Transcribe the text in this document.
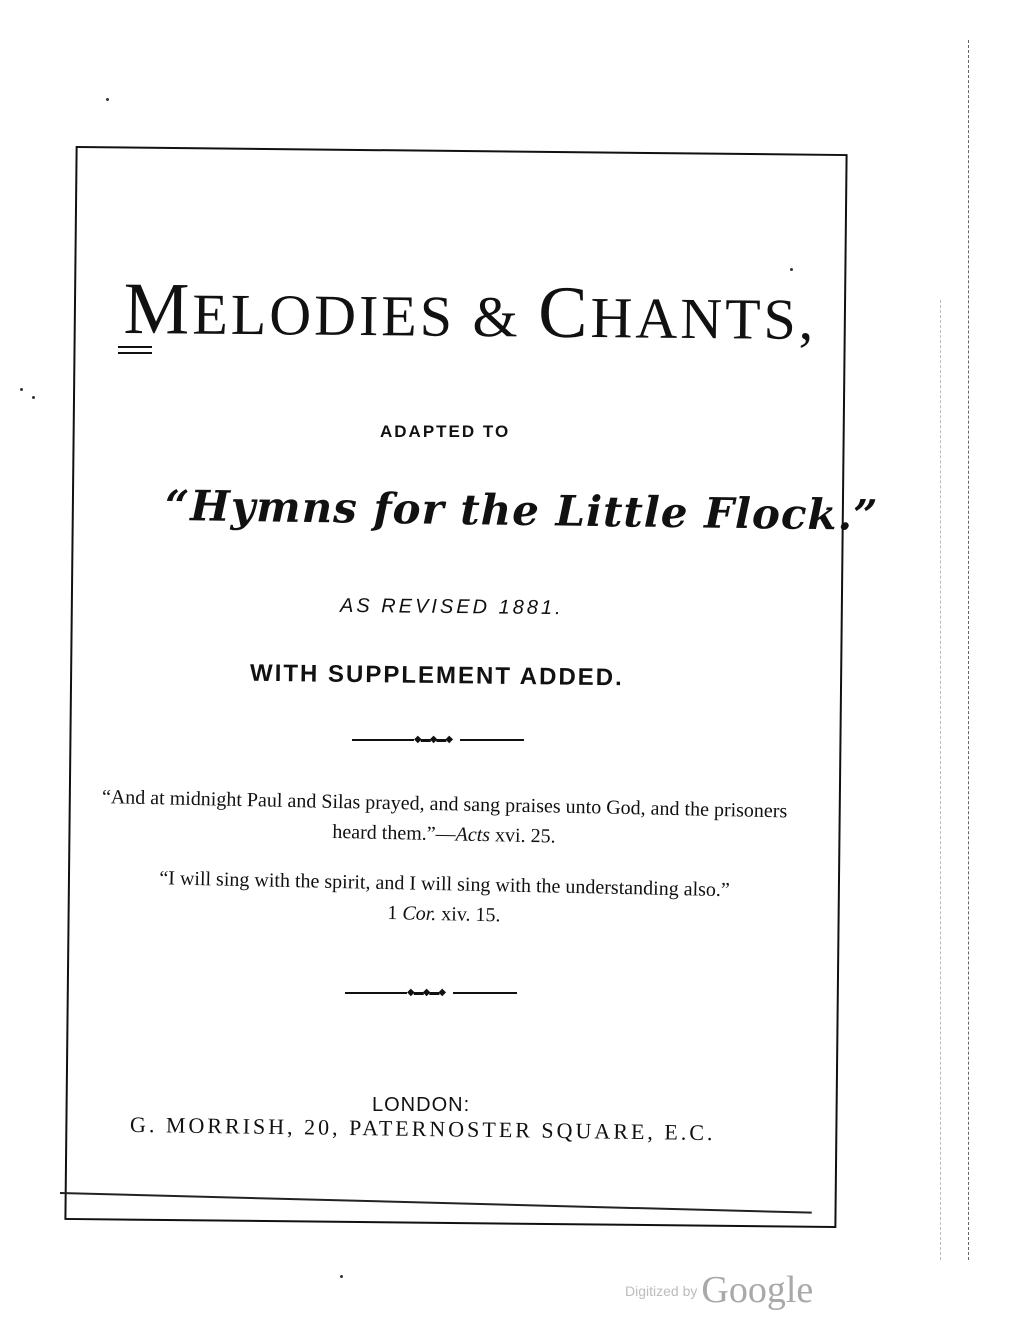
MELODIES & CHANTS,
ADAPTED TO
“Hymns for the Little Flock.”
AS REVISED 1881.
WITH SUPPLEMENT ADDED.
◆▬◆▬◆
“And at midnight Paul and Silas prayed, and sang praises unto God, and the prisoners heard them.”—Acts xvi. 25.
“I will sing with the spirit, and I will sing with the understanding also.”
1 Cor. xiv. 15.
◆▬◆▬◆
LONDON:
G. MORRISH, 20, PATERNOSTER SQUARE, E.C.
Digitized by Google
